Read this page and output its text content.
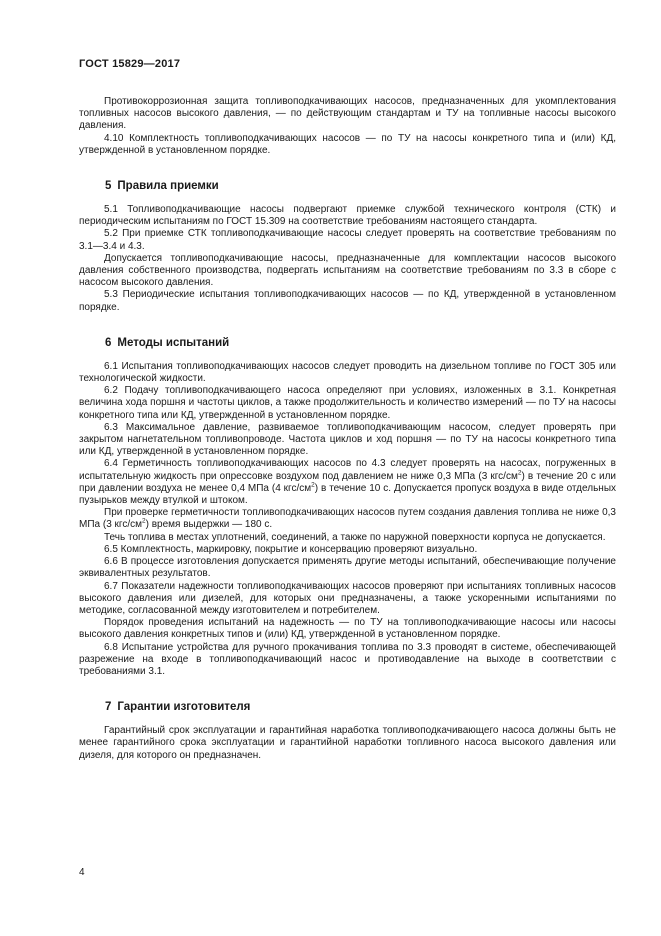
ГОСТ 15829—2017

Противокоррозионная защита топливоподкачивающих насосов, предназначенных для укомплектования топливных насосов высокого давления, — по действующим стандартам и ТУ на топливные насосы высокого давления.

4.10 Комплектность топливоподкачивающих насосов — по ТУ на насосы конкретного типа и (или) КД, утвержденной в установленном порядке.

5 Правила приемки

5.1 Топливоподкачивающие насосы подвергают приемке службой технического контроля (СТК) и периодическим испытаниям по ГОСТ 15.309 на соответствие требованиям настоящего стандарта.

5.2 При приемке СТК топливоподкачивающие насосы следует проверять на соответствие требованиям по 3.1—3.4 и 4.3.

Допускается топливоподкачивающие насосы, предназначенные для комплектации насосов высокого давления собственного производства, подвергать испытаниям на соответствие требованиям по 3.3 в сборе с насосом высокого давления.

5.3 Периодические испытания топливоподкачивающих насосов — по КД, утвержденной в установленном порядке.

6 Методы испытаний

6.1 Испытания топливоподкачивающих насосов следует проводить на дизельном топливе по ГОСТ 305 или технологической жидкости.

6.2 Подачу топливоподкачивающего насоса определяют при условиях, изложенных в 3.1. Конкретная величина хода поршня и частоты циклов, а также продолжительность и количество измерений — по ТУ на насосы конкретного типа или КД, утвержденной в установленном порядке.

6.3 Максимальное давление, развиваемое топливоподкачивающим насосом, следует проверять при закрытом нагнетательном топливопроводе. Частота циклов и ход поршня — по ТУ на насосы конкретного типа или КД, утвержденной в установленном порядке.

6.4 Герметичность топливоподкачивающих насосов по 4.3 следует проверять на насосах, погруженных в испытательную жидкость при опрессовке воздухом под давлением не ниже 0,3 МПа (3 кгс/$см^2$) в течение 20 с или при давлении воздуха не менее 0,4 МПа (4 кгс/$см^2$) в течение 10 с. Допускается пропуск воздуха в виде отдельных пузырьков между втулкой и штоком.

При проверке герметичности топливоподкачивающих насосов путем создания давления топлива не ниже 0,3 МПа (3 кгс/$см^2$) время выдержки — 180 с.

Течь топлива в местах уплотнений, соединений, а также по наружной поверхности корпуса не допускается.

6.5 Комплектность, маркировку, покрытие и консервацию проверяют визуально.

6.6 В процессе изготовления допускается применять другие методы испытаний, обеспечивающие получение эквивалентных результатов.

6.7 Показатели надежности топливоподкачивающих насосов проверяют при испытаниях топливных насосов высокого давления или дизелей, для которых они предназначены, а также ускоренными испытаниями по методике, согласованной между изготовителем и потребителем.

Порядок проведения испытаний на надежность — по ТУ на топливоподкачивающие насосы или насосы высокого давления конкретных типов и (или) КД, утвержденной в установленном порядке.

6.8 Испытание устройства для ручного прокачивания топлива по 3.3 проводят в системе, обеспечивающей разрежение на входе в топливоподкачивающий насос и противодавление на выходе в соответствии с требованиями 3.1.

7 Гарантии изготовителя

Гарантийный срок эксплуатации и гарантийная наработка топливоподкачивающего насоса должны быть не менее гарантийного срока эксплуатации и гарантийной наработки топливного насоса высокого давления или дизеля, для которого он предназначен.

4
